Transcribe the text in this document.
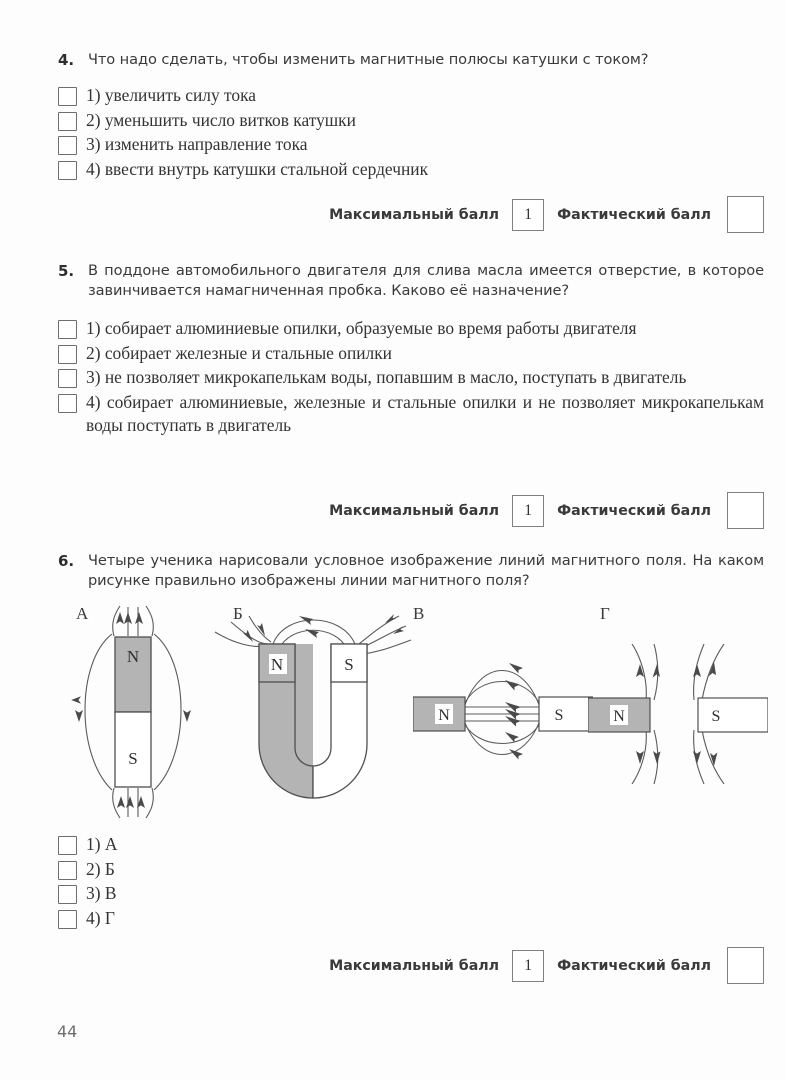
4. Что надо сделать, чтобы изменить магнитные полюсы катушки с током?
1) увеличить силу тока
2) уменьшить число витков катушки
3) изменить направление тока
4) ввести внутрь катушки стальной сердечник
Максимальный балл	1	Фактический балл
5. В поддоне автомобильного двигателя для слива масла имеется отверстие, в которое завинчивается намагниченная пробка. Каково её назначение?
1) собирает алюминиевые опилки, образуемые во время работы двигателя
2) собирает железные и стальные опилки
3) не позволяет микрокапелькам воды, попавшим в масло, поступать в двигатель
4) собирает алюминиевые, железные и стальные опилки и не позволяет микрокапелькам воды поступать в двигатель
Максимальный балл	1	Фактический балл
6. Четыре ученика нарисовали условное изображение линий магнитного поля. На каком рисунке правильно изображены линии магнитного поля?
А
N
S
Б
N	S
В
N	S
Г
N	S
1) А
2) Б
3) В
4) Г
Максимальный балл	1	Фактический балл
44
